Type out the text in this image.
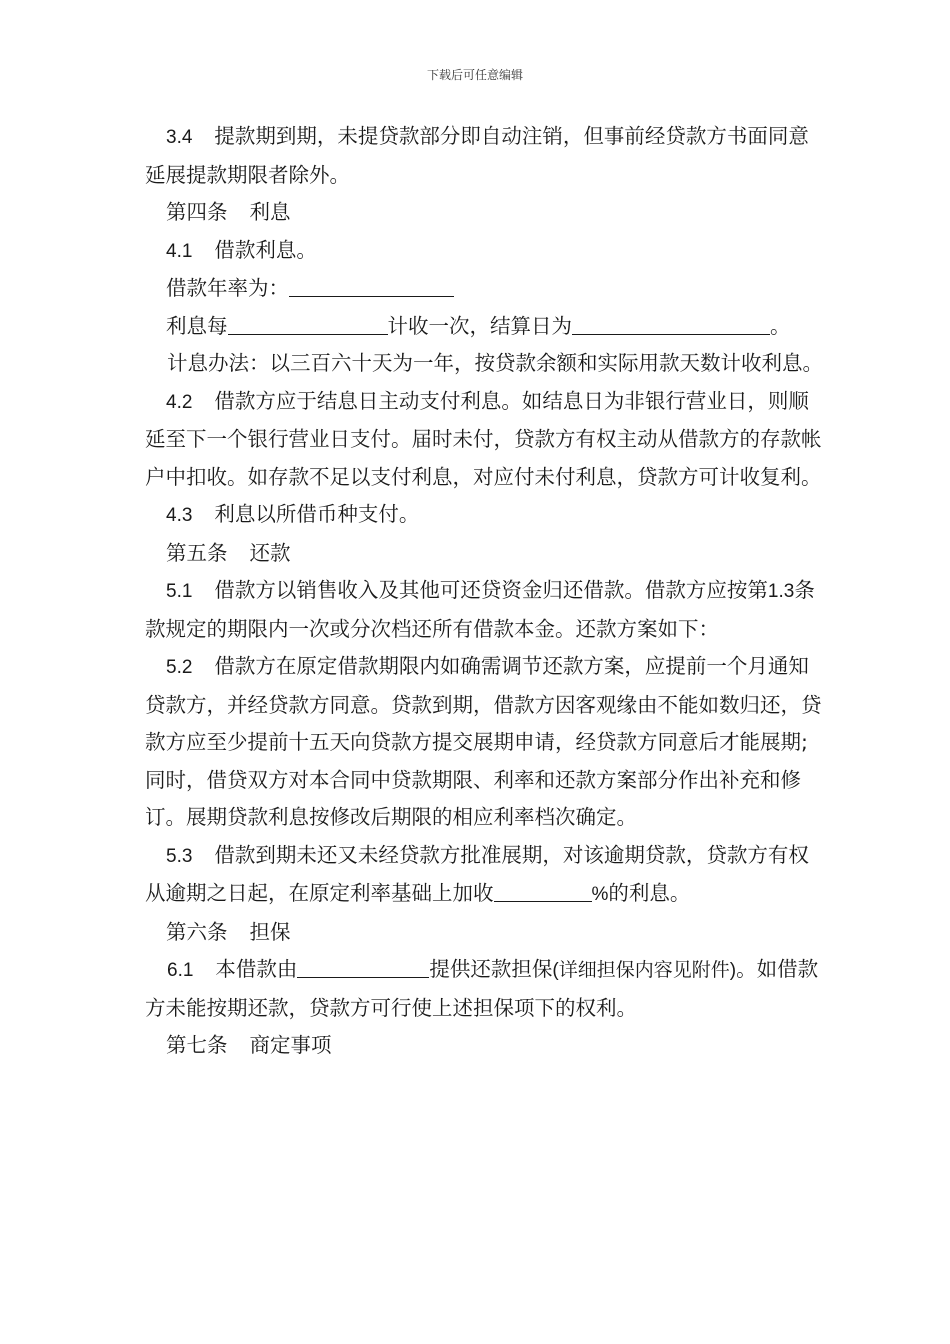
下载后可任意编辑

3.4 提款期到期，未提贷款部分即自动注销，但事前经贷款方书面同意延展提款期限者除外。

第四条 利息

4.1 借款利息。

借款年率为：

利息每	计收一次，结算日为	。

计息办法：以三百六十天为一年，按贷款余额和实际用款天数计收利息。

4.2 借款方应于结息日主动支付利息。如结息日为非银行营业日，则顺延至下一个银行营业日支付。届时未付，贷款方有权主动从借款方的存款帐户中扣收。如存款不足以支付利息，对应付未付利息，贷款方可计收复利。

4.3 利息以所借币种支付。

第五条 还款

5.1 借款方以销售收入及其他可还贷资金归还借款。借款方应按第1.3条款规定的期限内一次或分次档还所有借款本金。还款方案如下：

5.2 借款方在原定借款期限内如确需调节还款方案，应提前一个月通知贷款方，并经贷款方同意。贷款到期，借款方因客观缘由不能如数归还，贷款方应至少提前十五天向贷款方提交展期申请，经贷款方同意后才能展期;同时，借贷双方对本合同中贷款期限、利率和还款方案部分作出补充和修订。展期贷款利息按修改后期限的相应利率档次确定。

5.3 借款到期未还又未经贷款方批准展期，对该逾期贷款，贷款方有权从逾期之日起，在原定利率基础上加收	%的利息。

第六条 担保

6.1 本借款由	提供还款担保(详细担保内容见附件)。如借款方未能按期还款，贷款方可行使上述担保项下的权利。

第七条 商定事项
